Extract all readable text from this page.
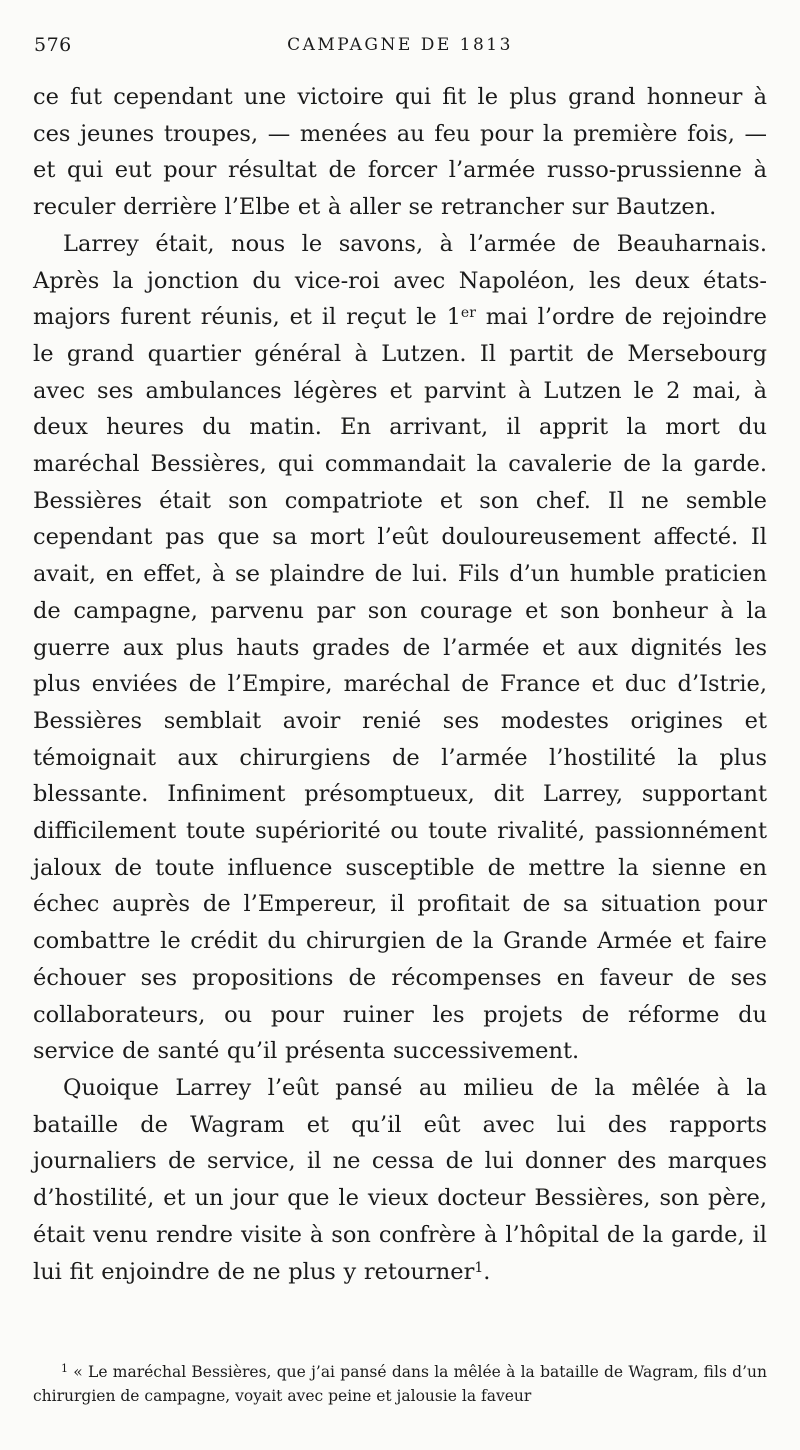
576	CAMPAGNE DE 1813

ce fut cependant une victoire qui fit le plus grand honneur à ces jeunes troupes, — menées au feu pour la première fois, — et qui eut pour résultat de forcer l’armée russo-prussienne à reculer derrière l’Elbe et à aller se retrancher sur Bautzen.

Larrey était, nous le savons, à l’armée de Beauharnais. Après la jonction du vice-roi avec Napoléon, les deux états-majors furent réunis, et il reçut le 1er mai l’ordre de rejoindre le grand quartier général à Lutzen. Il partit de Mersebourg avec ses ambulances légères et parvint à Lutzen le 2 mai, à deux heures du matin. En arrivant, il apprit la mort du maréchal Bessières, qui commandait la cavalerie de la garde. Bessières était son compatriote et son chef. Il ne semble cependant pas que sa mort l’eût douloureusement affecté. Il avait, en effet, à se plaindre de lui. Fils d’un humble praticien de campagne, parvenu par son courage et son bonheur à la guerre aux plus hauts grades de l’armée et aux dignités les plus enviées de l’Empire, maréchal de France et duc d’Istrie, Bessières semblait avoir renié ses modestes origines et témoignait aux chirurgiens de l’armée l’hostilité la plus blessante. Infiniment présomptueux, dit Larrey, supportant difficilement toute supériorité ou toute rivalité, passionnément jaloux de toute influence susceptible de mettre la sienne en échec auprès de l’Empereur, il profitait de sa situation pour combattre le crédit du chirurgien de la Grande Armée et faire échouer ses propositions de récompenses en faveur de ses collaborateurs, ou pour ruiner les projets de réforme du service de santé qu’il présenta successivement.

Quoique Larrey l’eût pansé au milieu de la mêlée à la bataille de Wagram et qu’il eût avec lui des rapports journaliers de service, il ne cessa de lui donner des marques d’hostilité, et un jour que le vieux docteur Bessières, son père, était venu rendre visite à son confrère à l’hôpital de la garde, il lui fit enjoindre de ne plus y retourner$^1$.

$^1$ « Le maréchal Bessières, que j’ai pansé dans la mêlée à la bataille de Wagram, fils d’un chirurgien de campagne, voyait avec peine et jalousie la faveur
